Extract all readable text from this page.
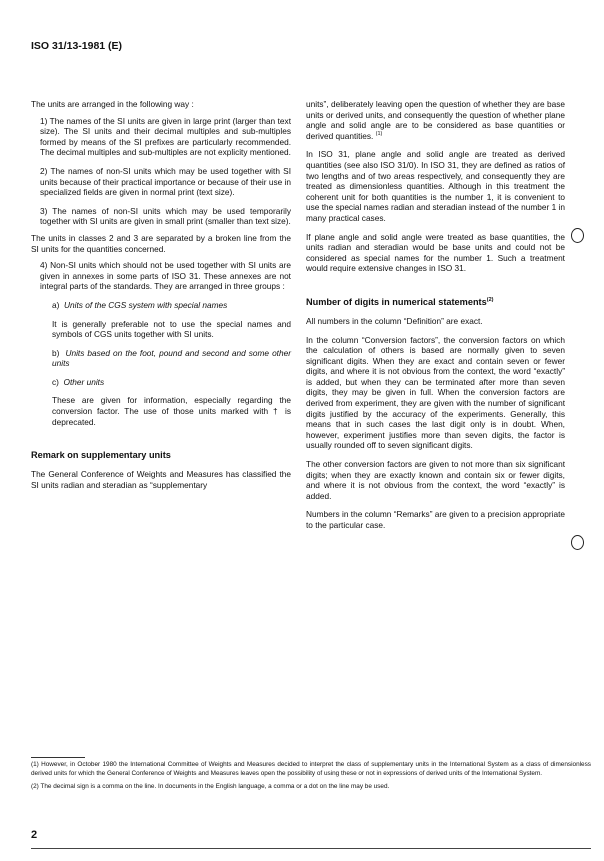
ISO 31/13-1981 (E)

The units are arranged in the following way :

1) The names of the SI units are given in large print (larger than text size). The SI units and their decimal multiples and sub-multiples formed by means of the SI prefixes are particularly recommended. The decimal multiples and sub-multiples are not explicity mentioned.

2) The names of non-SI units which may be used together with SI units because of their practical importance or because of their use in specialized fields are given in normal print (text size).

3) The names of non-SI units which may be used temporarily together with SI units are given in small print (smaller than text size).

The units in classes 2 and 3 are separated by a broken line from the SI units for the quantities concerned.

4) Non-SI units which should not be used together with SI units are given in annexes in some parts of ISO 31. These annexes are not integral parts of the standards. They are arranged in three groups :

a) Units of the CGS system with special names

It is generally preferable not to use the special names and symbols of CGS units together with SI units.

b) Units based on the foot, pound and second and some other units

c) Other units

These are given for information, especially regarding the conversion factor. The use of those units marked with † is deprecated.

Remark on supplementary units

The General Conference of Weights and Measures has classified the SI units radian and steradian as “supplementary

units”, deliberately leaving open the question of whether they are base units or derived units, and consequently the question of whether plane angle and solid angle are to be considered as base quantities or derived quantities. $^{(1)}$

In ISO 31, plane angle and solid angle are treated as derived quantities (see also ISO 31/0). In ISO 31, they are defined as ratios of two lengths and of two areas respectively, and consequently they are treated as dimensionless quantities. Although in this treatment the coherent unit for both quantities is the number 1, it is convenient to use the special names radian and steradian instead of the number 1 in many practical cases.

If plane angle and solid angle were treated as base quantities, the units radian and steradian would be base units and could not be considered as special names for the number 1. Such a treatment would require extensive changes in ISO 31.

Number of digits in numerical statements$^{(2)}$

All numbers in the column “Definition” are exact.

In the column “Conversion factors”, the conversion factors on which the calculation of others is based are normally given to seven significant digits. When they are exact and contain seven or fewer digits, and where it is not obvious from the context, the word “exactly” is added, but when they can be terminated after more than seven digits, they may be given in full. When the conversion factors are derived from experiment, they are given with the number of significant digits justified by the accuracy of the experiments. Generally, this means that in such cases the last digit only is in doubt. When, however, experiment justifies more than seven digits, the factor is usually rounded off to seven significant digits.

The other conversion factors are given to not more than six significant digits; when they are exactly known and contain six or fewer digits, and where it is not obvious from the context, the word “exactly” is added.

Numbers in the column “Remarks” are given to a precision appropriate to the particular case.

(1) However, in October 1980 the International Committee of Weights and Measures decided to interpret the class of supplementary units in the International System as a class of dimensionless derived units for which the General Conference of Weights and Measures leaves open the possibility of using these or not in expressions of derived units of the International System.

(2) The decimal sign is a comma on the line. In documents in the English language, a comma or a dot on the line may be used.

2
